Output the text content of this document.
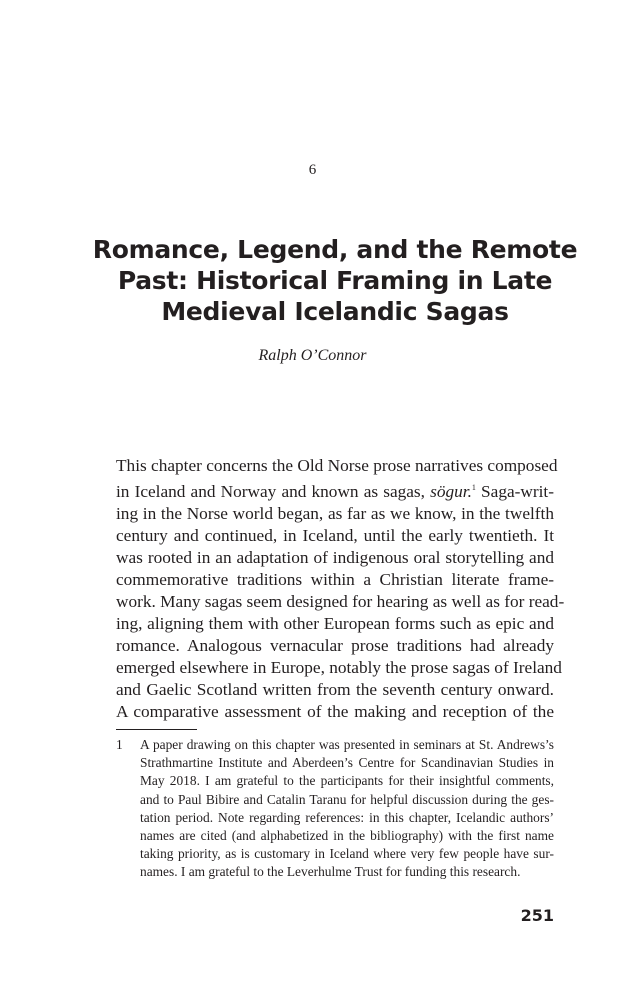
6
Romance, Legend, and the Remote
Past: Historical Framing in Late
Medieval Icelandic Sagas
Ralph O’Connor
This chapter concerns the Old Norse prose narratives composed
in Iceland and Norway and known as sagas, sögur.$^1$ Saga-writ-
ing in the Norse world began, as far as we know, in the twelfth
century and continued, in Iceland, until the early twentieth. It
was rooted in an adaptation of indigenous oral storytelling and
commemorative traditions within a Christian literate frame-
work. Many sagas seem designed for hearing as well as for read-
ing, aligning them with other European forms such as epic and
romance. Analogous vernacular prose traditions had already
emerged elsewhere in Europe, notably the prose sagas of Ireland
and Gaelic Scotland written from the seventh century onward.
A comparative assessment of the making and reception of the
1 A paper drawing on this chapter was presented in seminars at St. Andrews’s
Strathmartine Institute and Aberdeen’s Centre for Scandinavian Studies in
May 2018. I am grateful to the participants for their insightful comments,
and to Paul Bibire and Catalin Taranu for helpful discussion during the ges-
tation period. Note regarding references: in this chapter, Icelandic authors’
names are cited (and alphabetized in the bibliography) with the first name
taking priority, as is customary in Iceland where very few people have sur-
names. I am grateful to the Leverhulme Trust for funding this research.
251
